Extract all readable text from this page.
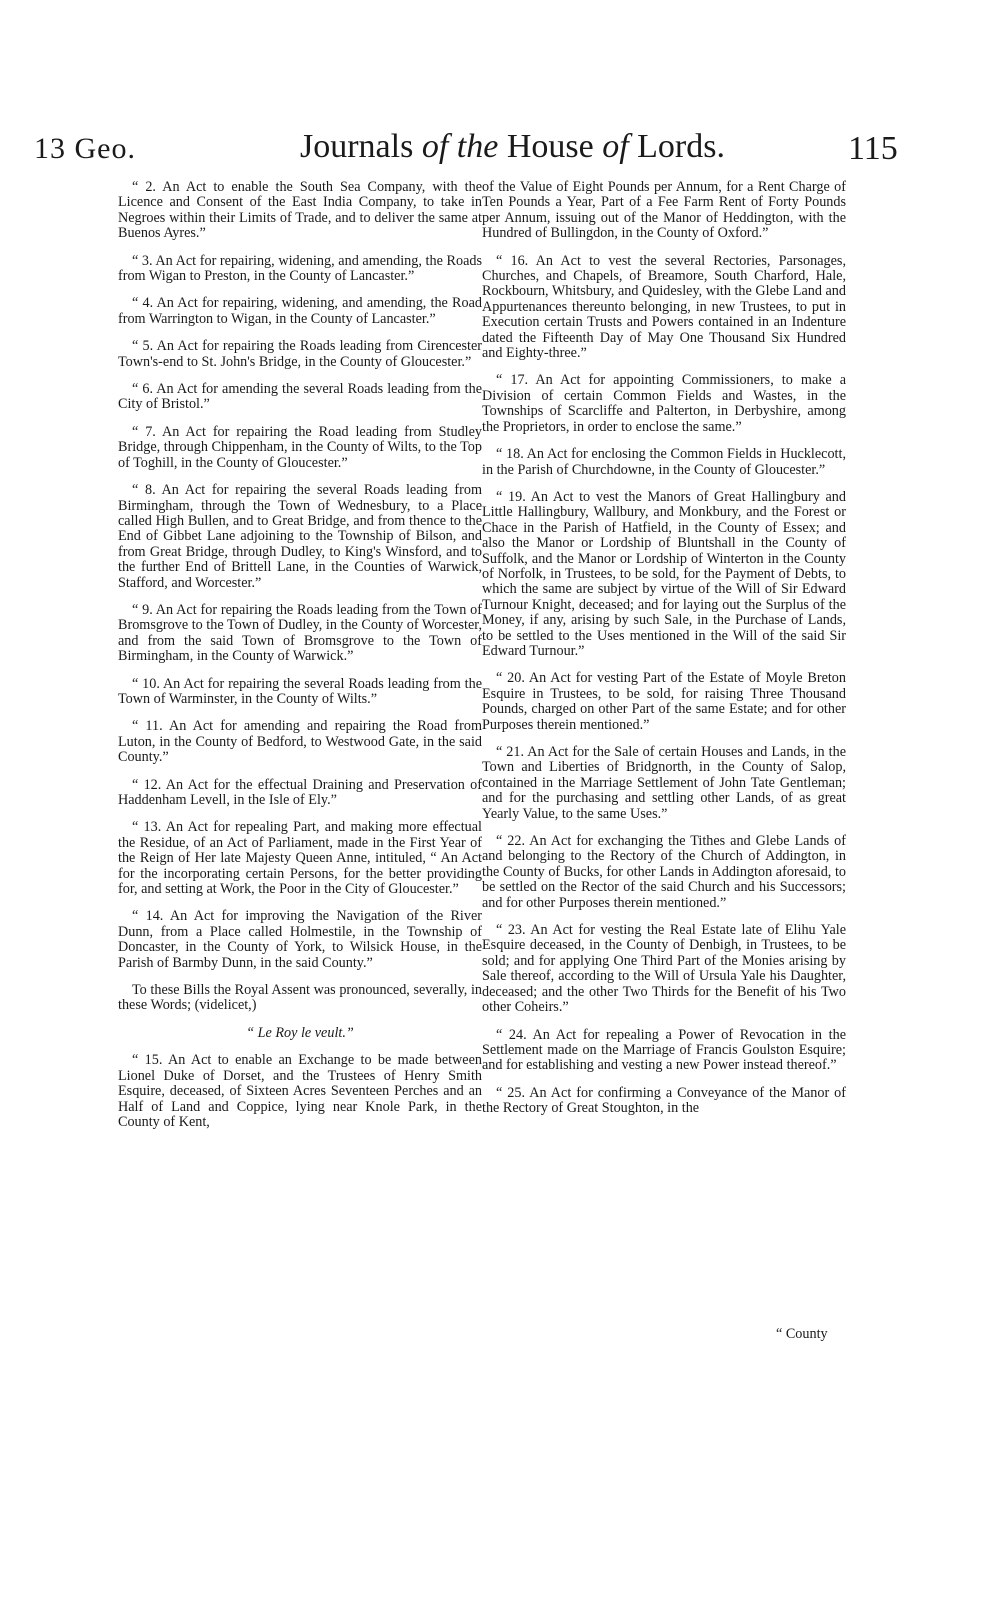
13 Geo.	Journals of the House of Lords.	115

“ 2. An Act to enable the South Sea Company, with the Licence and Consent of the East India Company, to take in Negroes within their Limits of Trade, and to deliver the same at Buenos Ayres.”

“ 3. An Act for repairing, widening, and amending, the Roads from Wigan to Preston, in the County of Lancaster.”

“ 4. An Act for repairing, widening, and amending, the Road from Warrington to Wigan, in the County of Lancaster.”

“ 5. An Act for repairing the Roads leading from Cirencester Town's-end to St. John's Bridge, in the County of Gloucester.”

“ 6. An Act for amending the several Roads leading from the City of Bristol.”

“ 7. An Act for repairing the Road leading from Studley Bridge, through Chippenham, in the County of Wilts, to the Top of Toghill, in the County of Gloucester.”

“ 8. An Act for repairing the several Roads leading from Birmingham, through the Town of Wednesbury, to a Place called High Bullen, and to Great Bridge, and from thence to the End of Gibbet Lane adjoining to the Township of Bilson, and from Great Bridge, through Dudley, to King's Winsford, and to the further End of Brittell Lane, in the Counties of Warwick, Stafford, and Worcester.”

“ 9. An Act for repairing the Roads leading from the Town of Bromsgrove to the Town of Dudley, in the County of Worcester, and from the said Town of Bromsgrove to the Town of Birmingham, in the County of Warwick.”

“ 10. An Act for repairing the several Roads leading from the Town of Warminster, in the County of Wilts.”

“ 11. An Act for amending and repairing the Road from Luton, in the County of Bedford, to Westwood Gate, in the said County.”

“ 12. An Act for the effectual Draining and Preservation of Haddenham Levell, in the Isle of Ely.”

“ 13. An Act for repealing Part, and making more effectual the Residue, of an Act of Parliament, made in the First Year of the Reign of Her late Majesty Queen Anne, intituled, “ An Act for the incorporating certain Persons, for the better providing for, and setting at Work, the Poor in the City of Gloucester.”

“ 14. An Act for improving the Navigation of the River Dunn, from a Place called Holmestile, in the Township of Doncaster, in the County of York, to Wilsick House, in the Parish of Barmby Dunn, in the said County.”

To these Bills the Royal Assent was pronounced, severally, in these Words; (videlicet,)

“ Le Roy le veult.”

“ 15. An Act to enable an Exchange to be made between Lionel Duke of Dorset, and the Trustees of Henry Smith Esquire, deceased, of Sixteen Acres Seventeen Perches and an Half of Land and Coppice, lying near Knole Park, in the County of Kent,

of the Value of Eight Pounds per Annum, for a Rent Charge of Ten Pounds a Year, Part of a Fee Farm Rent of Forty Pounds per Annum, issuing out of the Manor of Heddington, with the Hundred of Bullingdon, in the County of Oxford.”

“ 16. An Act to vest the several Rectories, Parsonages, Churches, and Chapels, of Breamore, South Charford, Hale, Rockbourn, Whitsbury, and Quidesley, with the Glebe Land and Appurtenances thereunto belonging, in new Trustees, to put in Execution certain Trusts and Powers contained in an Indenture dated the Fifteenth Day of May One Thousand Six Hundred and Eighty-three.”

“ 17. An Act for appointing Commissioners, to make a Division of certain Common Fields and Wastes, in the Townships of Scarcliffe and Palterton, in Derbyshire, among the Proprietors, in order to enclose the same.”

“ 18. An Act for enclosing the Common Fields in Hucklecott, in the Parish of Churchdowne, in the County of Gloucester.”

“ 19. An Act to vest the Manors of Great Hallingbury and Little Hallingbury, Wallbury, and Monkbury, and the Forest or Chace in the Parish of Hatfield, in the County of Essex; and also the Manor or Lordship of Bluntshall in the County of Suffolk, and the Manor or Lordship of Winterton in the County of Norfolk, in Trustees, to be sold, for the Payment of Debts, to which the same are subject by virtue of the Will of Sir Edward Turnour Knight, deceased; and for laying out the Surplus of the Money, if any, arising by such Sale, in the Purchase of Lands, to be settled to the Uses mentioned in the Will of the said Sir Edward Turnour.”

“ 20. An Act for vesting Part of the Estate of Moyle Breton Esquire in Trustees, to be sold, for raising Three Thousand Pounds, charged on other Part of the same Estate; and for other Purposes therein mentioned.”

“ 21. An Act for the Sale of certain Houses and Lands, in the Town and Liberties of Bridgnorth, in the County of Salop, contained in the Marriage Settlement of John Tate Gentleman; and for the purchasing and settling other Lands, of as great Yearly Value, to the same Uses.”

“ 22. An Act for exchanging the Tithes and Glebe Lands of and belonging to the Rectory of the Church of Addington, in the County of Bucks, for other Lands in Addington aforesaid, to be settled on the Rector of the said Church and his Successors; and for other Purposes therein mentioned.”

“ 23. An Act for vesting the Real Estate late of Elihu Yale Esquire deceased, in the County of Denbigh, in Trustees, to be sold; and for applying One Third Part of the Monies arising by Sale thereof, according to the Will of Ursula Yale his Daughter, deceased; and the other Two Thirds for the Benefit of his Two other Coheirs.”

“ 24. An Act for repealing a Power of Revocation in the Settlement made on the Marriage of Francis Goulston Esquire; and for establishing and vesting a new Power instead thereof.”

“ 25. An Act for confirming a Conveyance of the Manor of the Rectory of Great Stoughton, in the

“ County
